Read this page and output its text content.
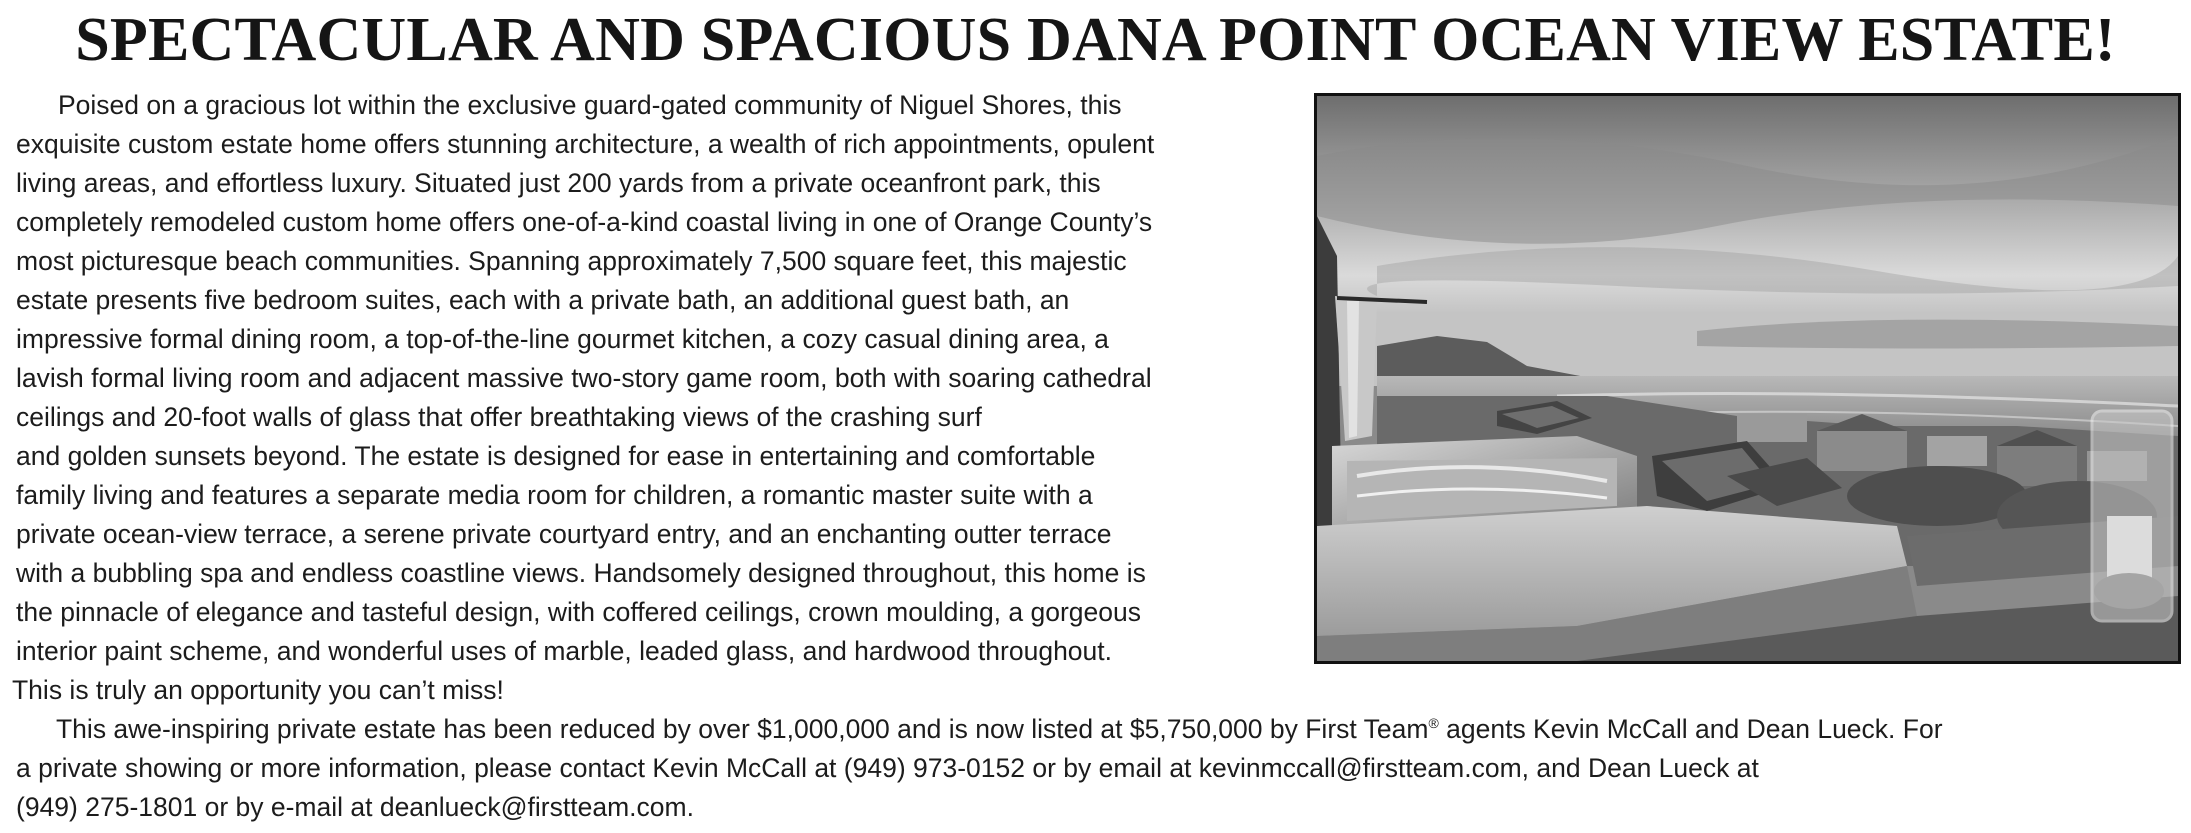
SPECTACULAR AND SPACIOUS DANA POINT OCEAN VIEW ESTATE!
Poised on a gracious lot within the exclusive guard-gated community of Niguel Shores, this
exquisite custom estate home offers stunning architecture, a wealth of rich appointments, opulent
living areas, and effortless luxury. Situated just 200 yards from a private oceanfront park, this
completely remodeled custom home offers one-of-a-kind coastal living in one of Orange County’s
most picturesque beach communities. Spanning approximately 7,500 square feet, this majestic
estate presents five bedroom suites, each with a private bath, an additional guest bath, an
impressive formal dining room, a top-of-the-line gourmet kitchen, a cozy casual dining area, a
lavish formal living room and adjacent massive two-story game room, both with soaring cathedral
ceilings and 20-foot walls of glass that offer breathtaking views of the crashing surf
and golden sunsets beyond. The estate is designed for ease in entertaining and comfortable
family living and features a separate media room for children, a romantic master suite with a
private ocean-view terrace, a serene private courtyard entry, and an enchanting outter terrace
with a bubbling spa and endless coastline views. Handsomely designed throughout, this home is
the pinnacle of elegance and tasteful design, with coffered ceilings, crown moulding, a gorgeous
interior paint scheme, and wonderful uses of marble, leaded glass, and hardwood throughout.
This is truly an opportunity you can’t miss!
This awe-inspiring private estate has been reduced by over $1,000,000 and is now listed at $5,750,000 by First Team® agents Kevin McCall and Dean Lueck. For
a private showing or more information, please contact Kevin McCall at (949) 973-0152 or by email at kevinmccall@firstteam.com, and Dean Lueck at
(949) 275-1801 or by e-mail at deanlueck@firstteam.com.
